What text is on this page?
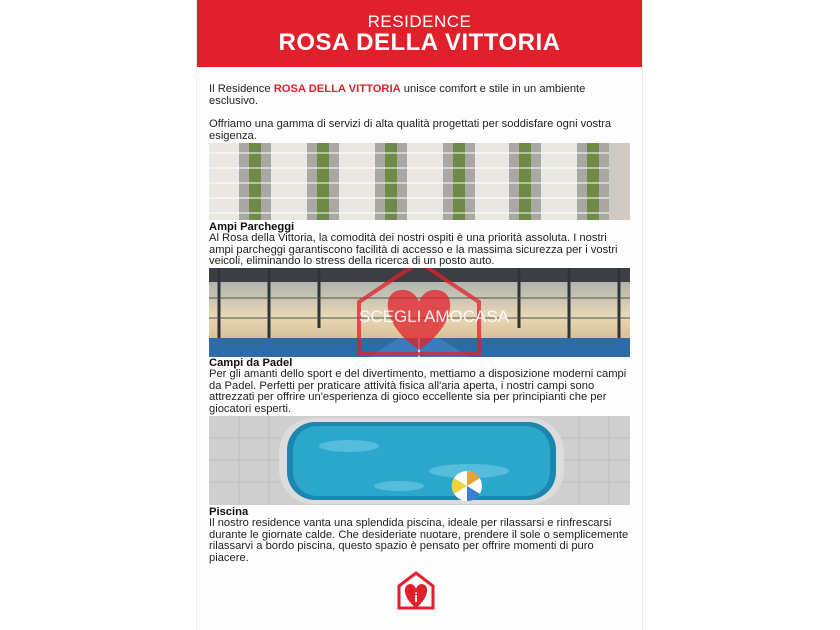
RESIDENCE
ROSA DELLA VITTORIA
Il Residence ROSA DELLA VITTORIA unisce comfort e stile in un ambiente esclusivo.
Offriamo una gamma di servizi di alta qualità progettati per soddisfare ogni vostra esigenza.
Ampi Parcheggi
Al Rosa della Vittoria, la comodità dei nostri ospiti è una priorità assoluta. I nostri ampi parcheggi garantiscono facilità di accesso e la massima sicurezza per i vostri veicoli, eliminando lo stress della ricerca di un posto auto.
SCEGLI AMOCASA
Campi da Padel
Per gli amanti dello sport e del divertimento, mettiamo a disposizione moderni campi da Padel. Perfetti per praticare attività fisica all'aria aperta, i nostri campi sono attrezzati per offrire un'esperienza di gioco eccellente sia per principianti che per giocatori esperti.
Piscina
Il nostro residence vanta una splendida piscina, ideale per rilassarsi e rinfrescarsi durante le giornate calde. Che desideriate nuotare, prendere il sole o semplicemente rilassarvi a bordo piscina, questo spazio è pensato per offrire momenti di puro piacere.
i
